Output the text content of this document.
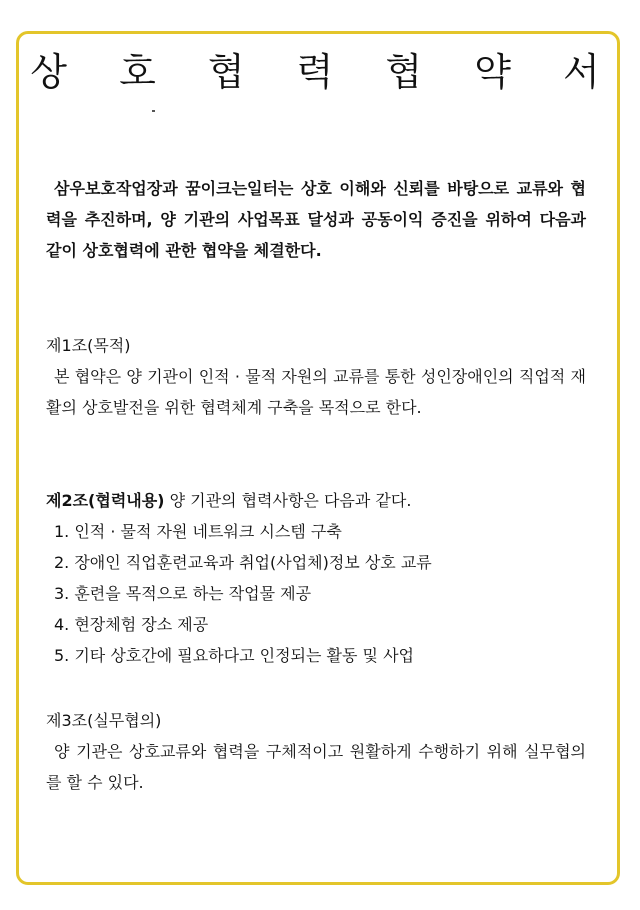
상 호 협 력 협 약 서

삼우보호작업장과 꿈이크는일터는 상호 이해와 신뢰를 바탕으로 교류와 협력을 추진하며, 양 기관의 사업목표 달성과 공동이익 증진을 위하여 다음과 같이 상호협력에 관한 협약을 체결한다.

제1조(목적)

본 협약은 양 기관이 인적 · 물적 자원의 교류를 통한 성인장애인의 직업적 재활의 상호발전을 위한 협력체계 구축을 목적으로 한다.

제2조(협력내용) 양 기관의 협력사항은 다음과 같다.

1. 인적 · 물적 자원 네트워크 시스템 구축
2. 장애인 직업훈련교육과 취업(사업체)정보 상호 교류
3. 훈련을 목적으로 하는 작업물 제공
4. 현장체험 장소 제공
5. 기타 상호간에 필요하다고 인정되는 활동 및 사업

제3조(실무협의)

양 기관은 상호교류와 협력을 구체적이고 원활하게 수행하기 위해 실무협의를 할 수 있다.
